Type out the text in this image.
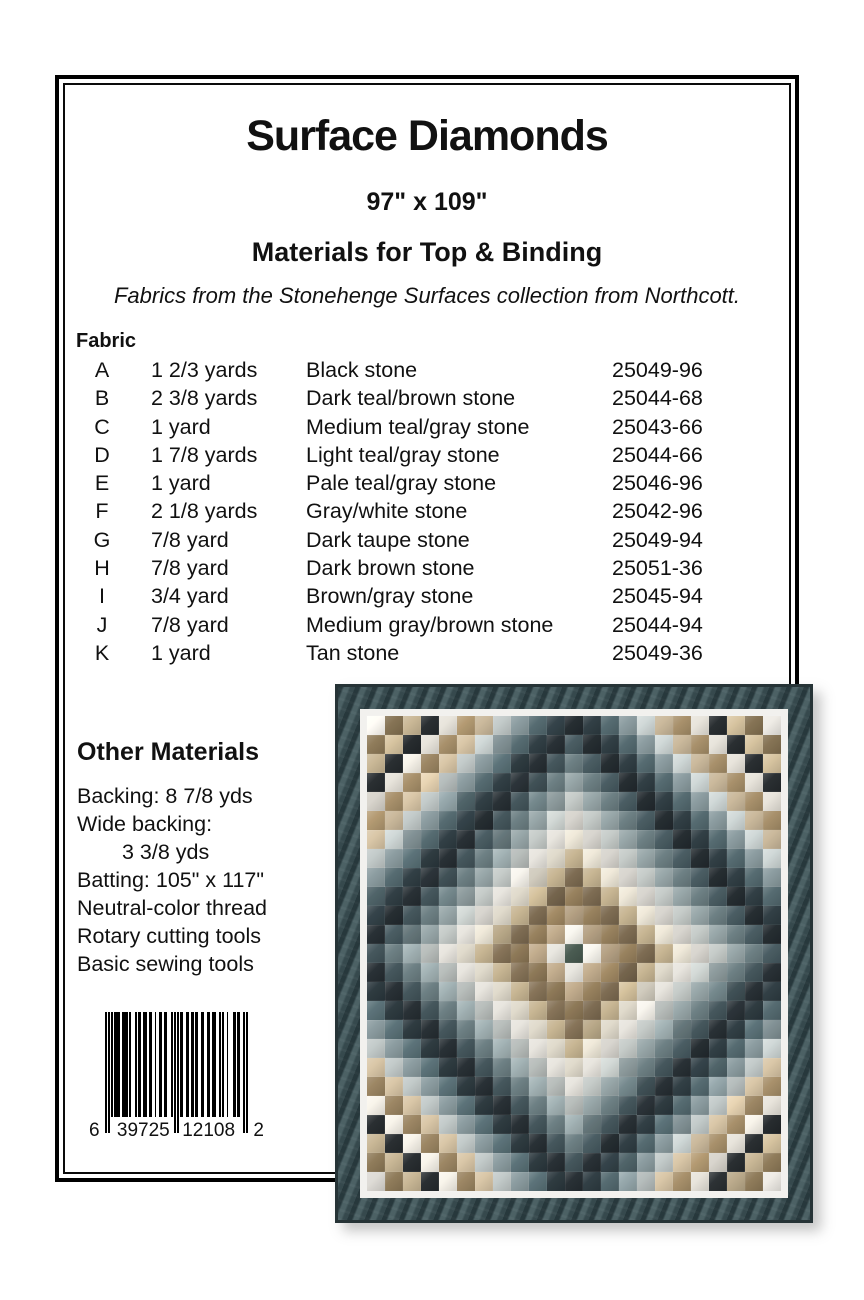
Surface Diamonds
97" x 109"
Materials for Top & Binding
Fabrics from the Stonehenge Surfaces collection from Northcott.
Fabric
A	1 2/3 yards	Black stone	25049-96
B	2 3/8 yards	Dark teal/brown stone	25044-68
C	1 yard	Medium teal/gray stone	25043-66
D	1 7/8 yards	Light teal/gray stone	25044-66
E	1 yard	Pale teal/gray stone	25046-96
F	2 1/8 yards	Gray/white stone	25042-96
G	7/8 yard	Dark taupe stone	25049-94
H	7/8 yard	Dark brown stone	25051-36
I	3/4 yard	Brown/gray stone	25045-94
J	7/8 yard	Medium gray/brown stone	25044-94
K	1 yard	Tan stone	25049-36
Other Materials
Backing: 8 7/8 yds
Wide backing:
3 3/8 yds
Batting: 105" x 117"
Neutral-color thread
Rotary cutting tools
Basic sewing tools
6 39725 12108 2
